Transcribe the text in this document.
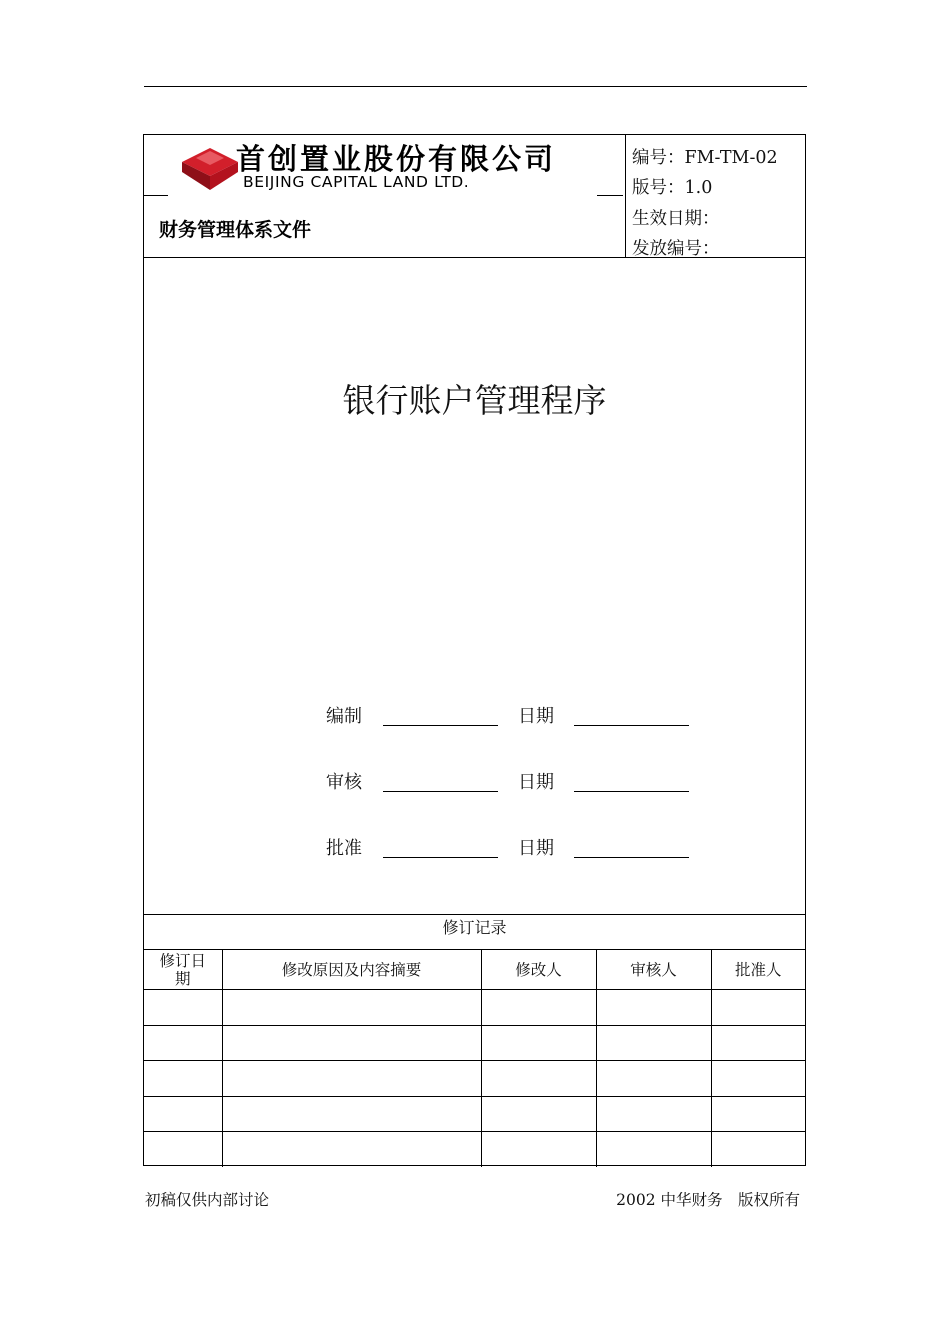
首创置业股份有限公司
BEIJING CAPITAL LAND LTD.
财务管理体系文件
编号：FM-TM-02
版号：1.0
生效日期：
发放编号：
银行账户管理程序
编制	日期
审核	日期
批准	日期
修订记录
修订日期	修改原因及内容摘要	修改人	审核人	批准人

初稿仅供内部讨论	2002 中华财务　版权所有
